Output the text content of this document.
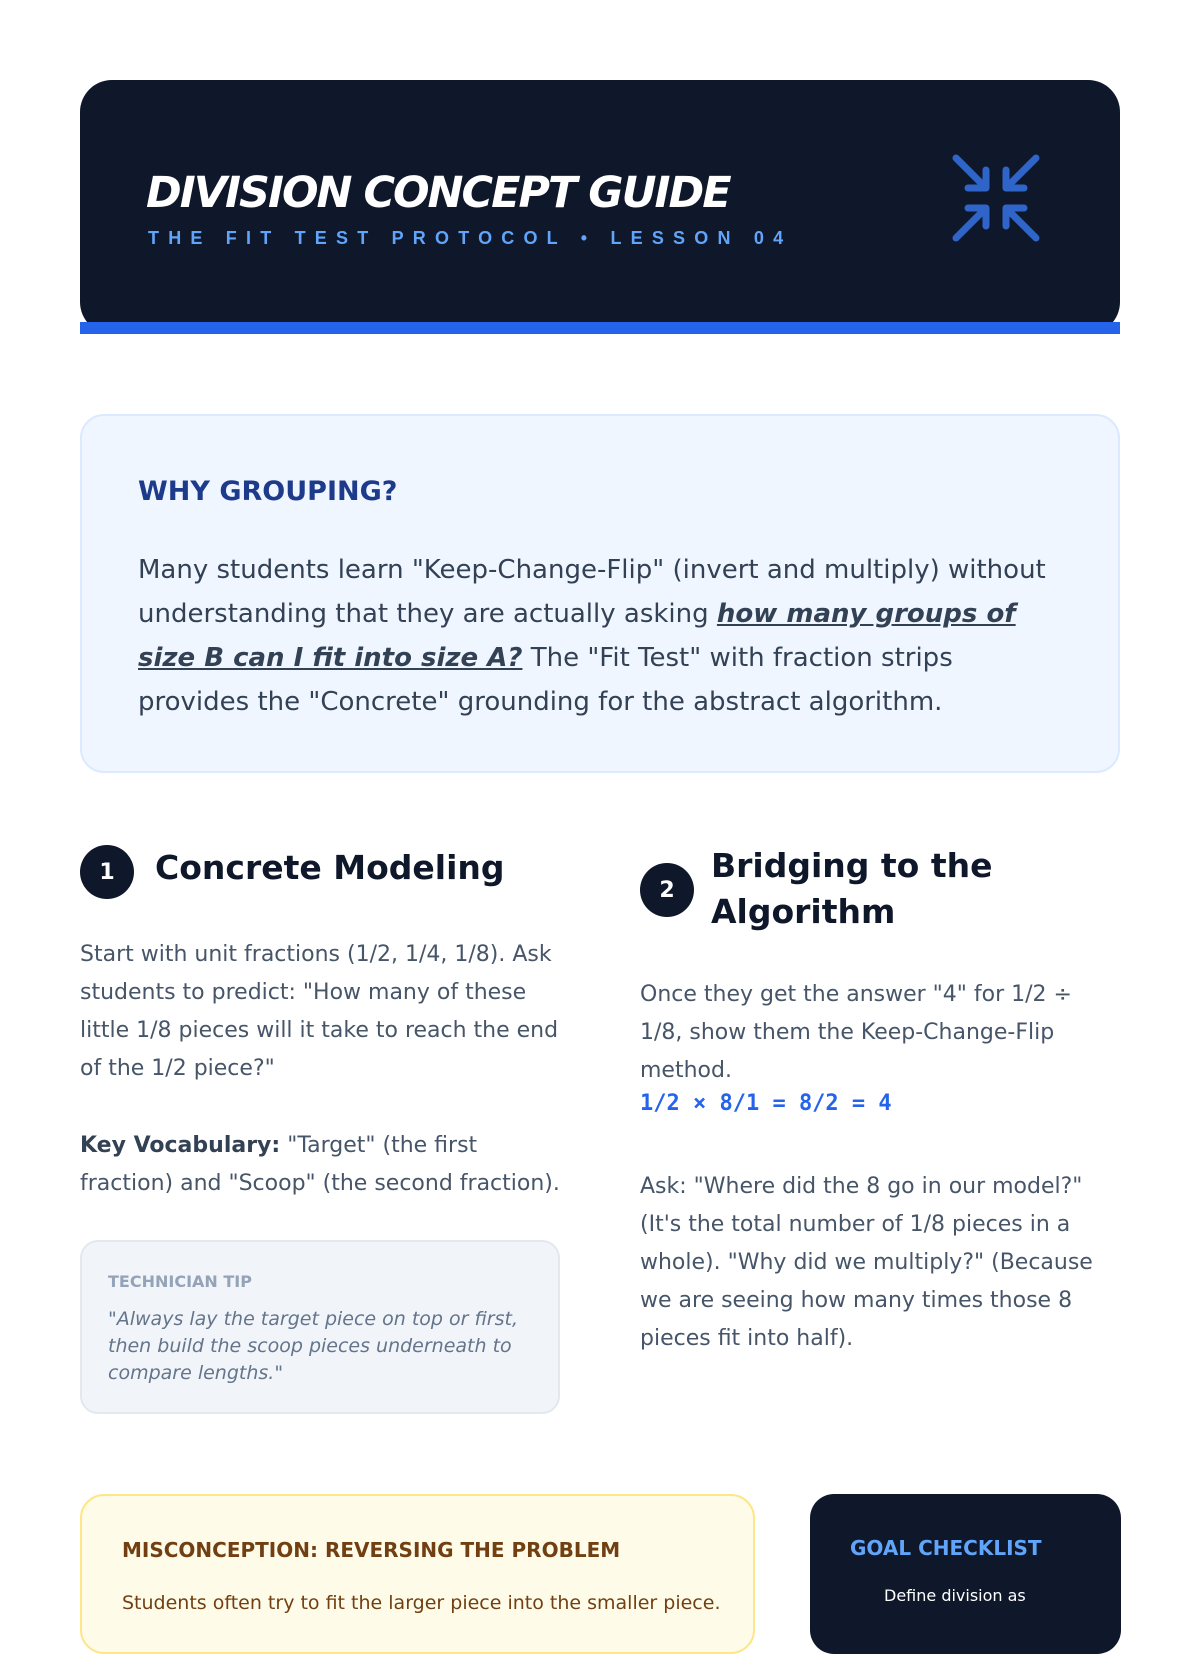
DIVISION CONCEPT GUIDE
THE FIT TEST PROTOCOL • LESSON 04
WHY GROUPING?

Many students learn "Keep-Change-Flip" (invert and multiply) without understanding that they are actually asking how many groups of size B can I fit into size A? The "Fit Test" with fraction strips provides the "Concrete" grounding for the abstract algorithm.

1	Concrete Modeling

Start with unit fractions (1/2, 1/4, 1/8). Ask students to predict: "How many of these little 1/8 pieces will it take to reach the end of the 1/2 piece?"

Key Vocabulary: "Target" (the first fraction) and "Scoop" (the second fraction).

TECHNICIAN TIP

"Always lay the target piece on top or first, then build the scoop pieces underneath to compare lengths."

2
Bridging to the Algorithm

Once they get the answer "4" for 1/2 ÷ 1/8, show them the Keep-Change-Flip method.

1/2 × 8/1 = 8/2 = 4

Ask: "Where did the 8 go in our model?" (It's the total number of 1/8 pieces in a whole). "Why did we multiply?" (Because we are seeing how many times those 8 pieces fit into half).

MISCONCEPTION: REVERSING THE PROBLEM

Students often try to fit the larger piece into the smaller piece.

GOAL CHECKLIST
Define division as
